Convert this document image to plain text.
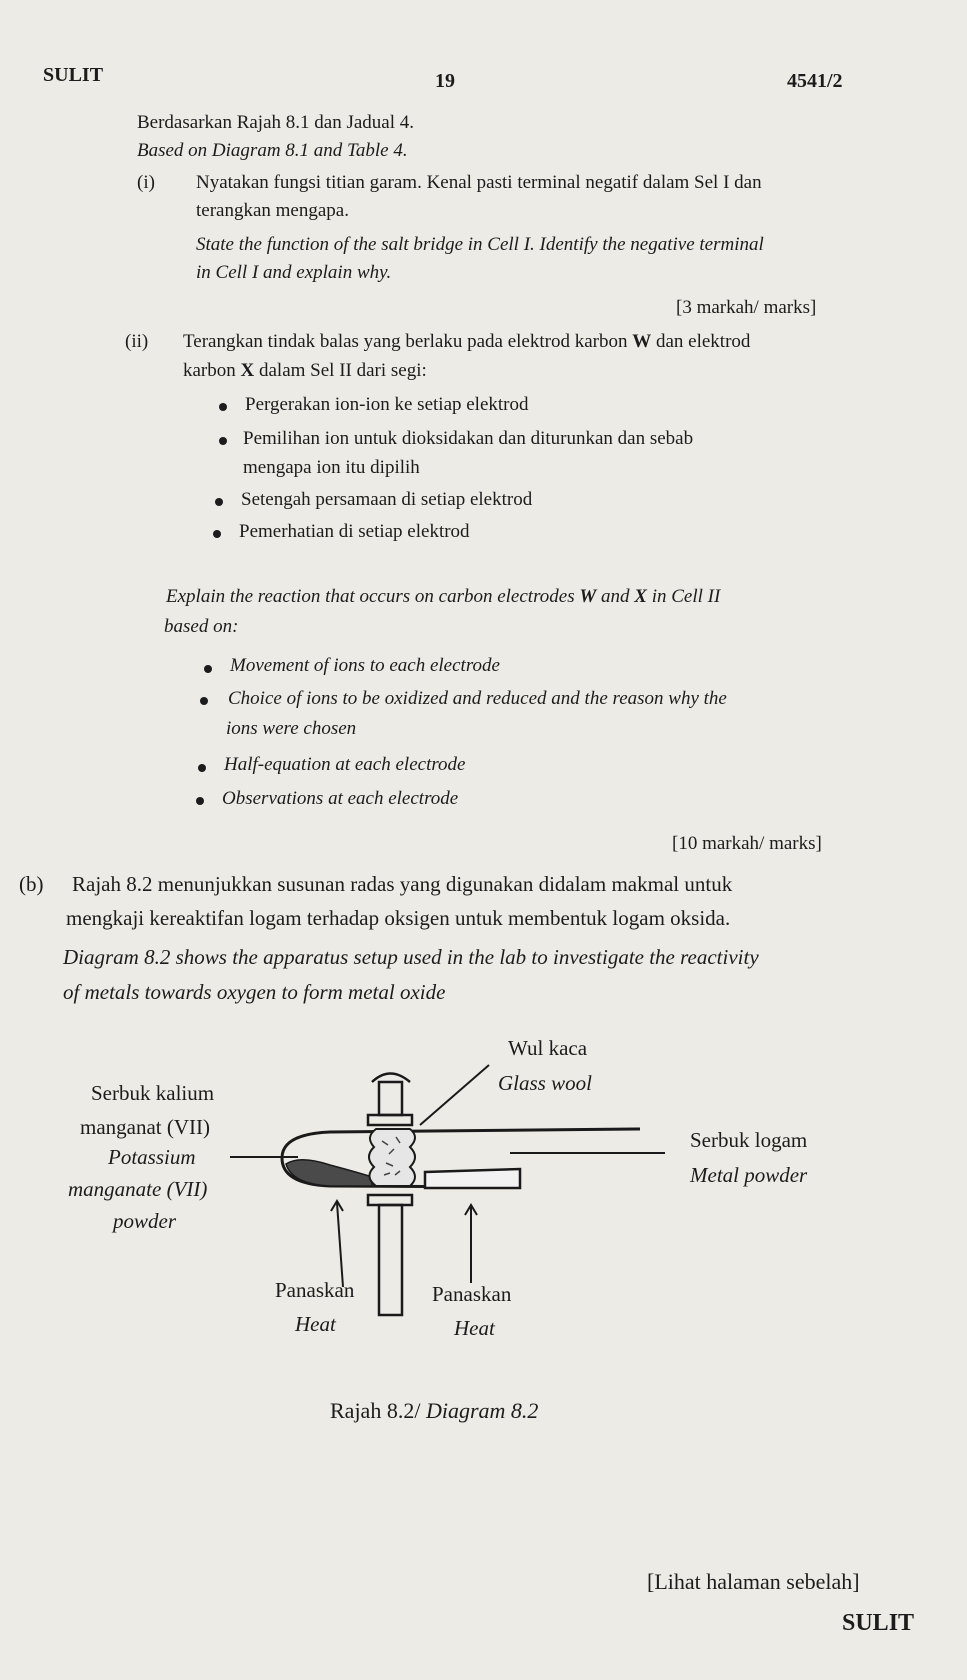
SULIT	19	4541/2
Berdasarkan Rajah 8.1 dan Jadual 4.
Based on Diagram 8.1 and Table 4.
(i) Nyatakan fungsi titian garam. Kenal pasti terminal negatif dalam Sel I dan
terangkan mengapa.
State the function of the salt bridge in Cell I. Identify the negative terminal
in Cell I and explain why.
[3 markah/ marks]
(ii) Terangkan tindak balas yang berlaku pada elektrod karbon W dan elektrod
karbon X dalam Sel II dari segi:
Pergerakan ion-ion ke setiap elektrod
Pemilihan ion untuk dioksidakan dan diturunkan dan sebab
mengapa ion itu dipilih
Setengah persamaan di setiap elektrod
Pemerhatian di setiap elektrod
Explain the reaction that occurs on carbon electrodes W and X in Cell II
based on:
Movement of ions to each electrode
Choice of ions to be oxidized and reduced and the reason why the
ions were chosen
Half-equation at each electrode
Observations at each electrode
[10 markah/ marks]
(b) Rajah 8.2 menunjukkan susunan radas yang digunakan didalam makmal untuk
mengkaji kereaktifan logam terhadap oksigen untuk membentuk logam oksida.
Diagram 8.2 shows the apparatus setup used in the lab to investigate the reactivity
of metals towards oxygen to form metal oxide
Wul kaca
Glass wool
Serbuk kalium
manganat (VII)
Potassium
manganate (VII)
powder
Serbuk logam
Metal powder
Panaskan
Heat
Panaskan
Heat
Rajah 8.2/ Diagram 8.2
[Lihat halaman sebelah]
SULIT
